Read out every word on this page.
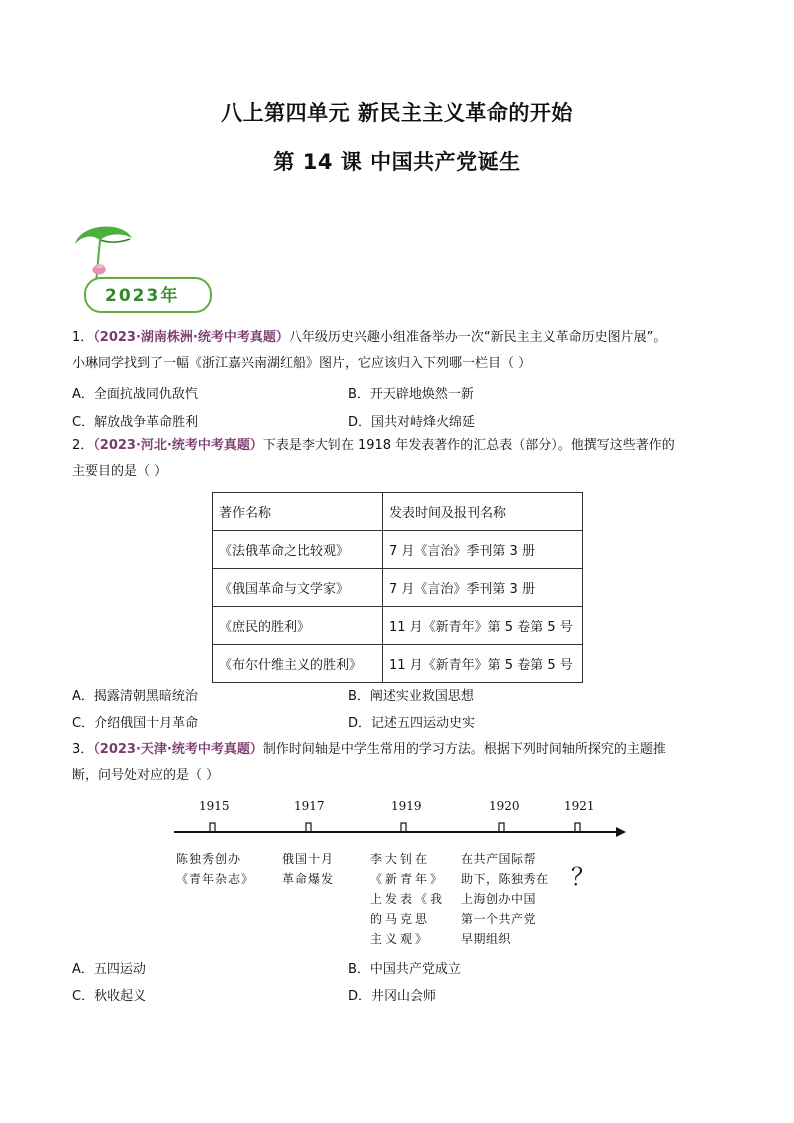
八上第四单元 新民主主义革命的开始
第 14 课 中国共产党诞生
2023年
1．（2023·湖南株洲·统考中考真题）八年级历史兴趣小组准备举办一次“新民主主义革命历史图片展”。
小琳同学找到了一幅《浙江嘉兴南湖红船》图片，它应该归入下列哪一栏目（ ）
A．全面抗战同仇敌忾	B．开天辟地焕然一新
C．解放战争革命胜利	D．国共对峙烽火绵延
2．（2023·河北·统考中考真题）下表是李大钊在 1918 年发表著作的汇总表（部分）。他撰写这些著作的
主要目的是（ ）
著作名称	发表时间及报刊名称
《法俄革命之比较观》	7 月《言治》季刊第 3 册
《俄国革命与文学家》	7 月《言治》季刊第 3 册
《庶民的胜利》	11 月《新青年》第 5 卷第 5 号
《布尔什维主义的胜利》	11 月《新青年》第 5 卷第 5 号
A．揭露清朝黑暗统治	B．阐述实业救国思想
C．介绍俄国十月革命	D．记述五四运动史实
3．（2023·天津·统考中考真题）制作时间轴是中学生常用的学习方法。根据下列时间轴所探究的主题推
断，问号处对应的是（ ）
1915	1917	1919	1920	1921
陈独秀创办
《青年杂志》
俄国十月
革命爆发
李大钊在
《新青年》
上发表《我
的马克思
主义观》
在共产国际帮
助下，陈独秀在
上海创办中国
第一个共产党
早期组织
？
A．五四运动	B．中国共产党成立
C．秋收起义	D．井冈山会师
